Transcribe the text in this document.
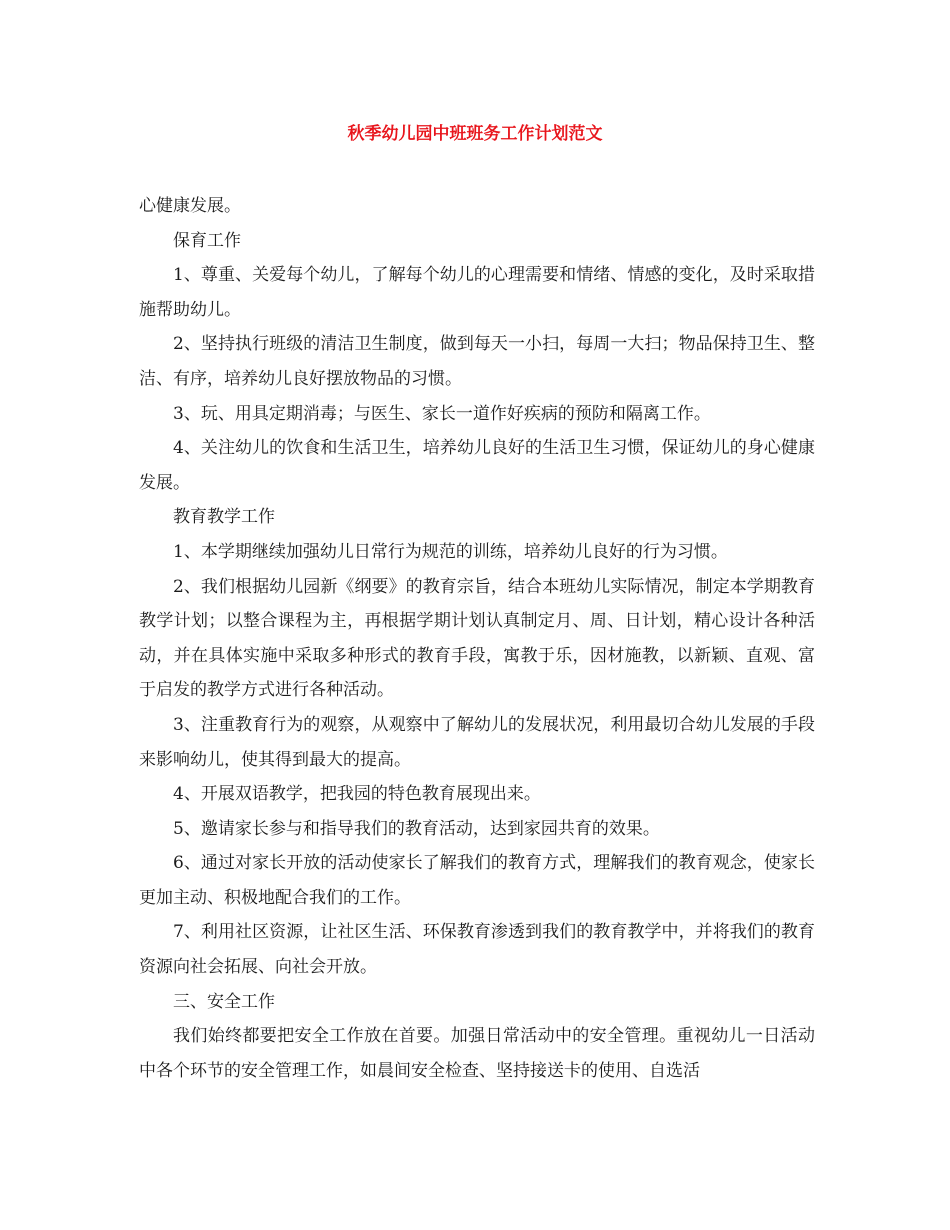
秋季幼儿园中班班务工作计划范文

心健康发展。

保育工作

1、尊重、关爱每个幼儿，了解每个幼儿的心理需要和情绪、情感的变化，及时采取措施帮助幼儿。

2、坚持执行班级的清洁卫生制度，做到每天一小扫，每周一大扫；物品保持卫生、整洁、有序，培养幼儿良好摆放物品的习惯。

3、玩、用具定期消毒；与医生、家长一道作好疾病的预防和隔离工作。

4、关注幼儿的饮食和生活卫生，培养幼儿良好的生活卫生习惯，保证幼儿的身心健康发展。

教育教学工作

1、本学期继续加强幼儿日常行为规范的训练，培养幼儿良好的行为习惯。

2、我们根据幼儿园新《纲要》的教育宗旨，结合本班幼儿实际情况，制定本学期教育教学计划；以整合课程为主，再根据学期计划认真制定月、周、日计划，精心设计各种活动，并在具体实施中采取多种形式的教育手段，寓教于乐，因材施教，以新颖、直观、富于启发的教学方式进行各种活动。

3、注重教育行为的观察，从观察中了解幼儿的发展状况，利用最切合幼儿发展的手段来影响幼儿，使其得到最大的提高。

4、开展双语教学，把我园的特色教育展现出来。

5、邀请家长参与和指导我们的教育活动，达到家园共育的效果。

6、通过对家长开放的活动使家长了解我们的教育方式，理解我们的教育观念，使家长更加主动、积极地配合我们的工作。

7、利用社区资源，让社区生活、环保教育渗透到我们的教育教学中，并将我们的教育资源向社会拓展、向社会开放。

三、安全工作

我们始终都要把安全工作放在首要。加强日常活动中的安全管理。重视幼儿一日活动中各个环节的安全管理工作，如晨间安全检查、坚持接送卡的使用、自选活
